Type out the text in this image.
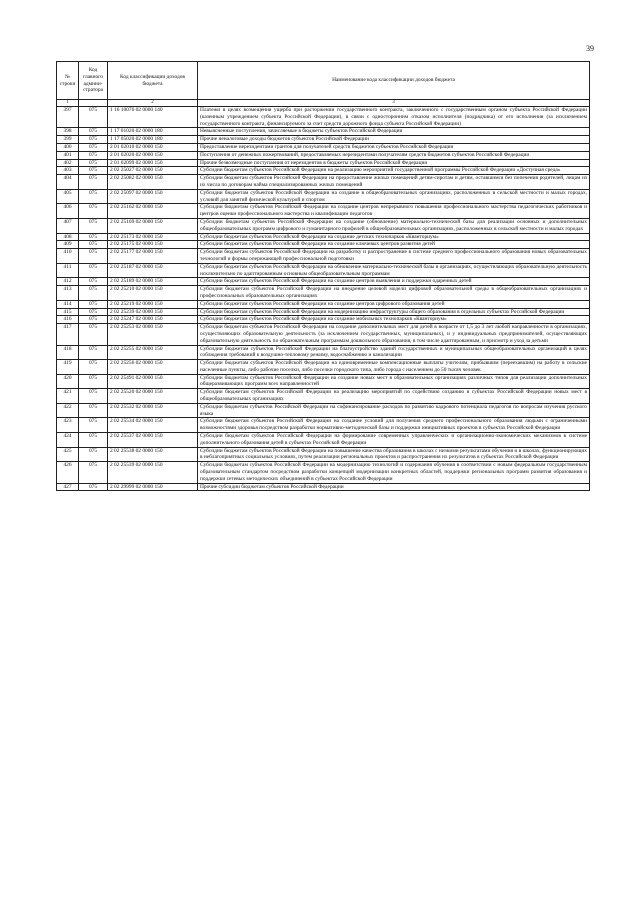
39
№ строки	Код главного админи-стратора	Код классификации доходов бюджета	Наименование кода классификации доходов бюджета
1		2	3
397	075	1 16 10076 02 0000 140	Платежи в целях возмещения ущерба при расторжении государственного контракта, заключенного с государственным органом субъекта Российской Федерации (казенным учреждением субъекта Российской Федерации), в связи с односторонним отказом исполнителя (подрядчика) от его исполнения (за исключением государственного контракта, финансируемого за счет средств дорожного фонда субъекта Российской Федерации)
398	075	1 17 01020 02 0000 180	Невыясненные поступления, зачисляемые в бюджеты субъектов Российской Федерации
399	075	1 17 05020 02 0000 180	Прочие неналоговые доходы бюджетов субъектов Российской Федерации
400	075	2 01 02010 02 0000 150	Предоставление нерезидентами грантов для получателей средств бюджетов субъектов Российской Федерации
401	075	2 01 02020 02 0000 150	Поступления от денежных пожертвований, предоставляемых нерезидентами получателям средств бюджетов субъектов Российской Федерации
402	075	2 01 02099 02 0000 150	Прочие безвозмездные поступления от нерезидентов в бюджеты субъектов Российской Федерации
403	075	2 02 25027 02 0000 150	Субсидии бюджетам субъектов Российской Федерации на реализацию мероприятий государственной программы Российской Федерации «Доступная среда»
404	075	2 02 25082 02 0000 150	Субсидии бюджетам субъектов Российской Федерации на предоставление жилых помещений детям-сиротам и детям, оставшимся без попечения родителей, лицам из их числа по договорам найма специализированных жилых помещений
405	075	2 02 25097 02 0000 150	Субсидии бюджетам субъектов Российской Федерации на создание в общеобразовательных организациях, расположенных в сельской местности и малых городах, условий для занятий физической культурой и спортом
406	075	2 02 25162 02 0000 150	Субсидии бюджетам субъектов Российской Федерации на создание центров непрерывного повышения профессионального мастерства педагогических работников и центров оценки профессионального мастерства и квалификации педагогов
407	075	2 02 25169 02 0000 150	Субсидии бюджетам субъектов Российской Федерации на создание (обновление) материально-технической базы для реализации основных и дополнительных общеобразовательных программ цифрового и гуманитарного профилей в общеобразовательных организациях, расположенных в сельской местности и малых городах
408	075	2 02 25173 02 0000 150	Субсидии бюджетам субъектов Российской Федерации на создание детских технопарков «Кванториум»
409	075	2 02 25175 02 0000 150	Субсидии бюджетам субъектов Российской Федерации на создание ключевых центров развития детей
410	075	2 02 25177 02 0000 150	Субсидии бюджетам субъектов Российской Федерации на разработку и распространение в системе среднего профессионального образования новых образовательных технологий и формы опережающей профессиональной подготовки
411	075	2 02 25187 02 0000 150	Субсидии бюджетам субъектов Российской Федерации на обновление материально-технической базы в организациях, осуществляющих образовательную деятельность исключительно по адаптированным основным общеобразовательным программам
412	075	2 02 25189 02 0000 150	Субсидии бюджетам субъектов Российской Федерации на создание центров выявления и поддержки одаренных детей
413	075	2 02 25210 02 0000 150	Субсидии бюджетам субъектов Российской Федерации на внедрение целевой модели цифровой образовательной среды в общеобразовательных организациях и профессиональных образовательных организациях
414	075	2 02 25219 02 0000 150	Субсидии бюджетам субъектов Российской Федерации на создание центров цифрового образования детей
415	075	2 02 25239 02 0000 150	Субсидии бюджетам субъектов Российской Федерации на модернизацию инфраструктуры общего образования в отдельных субъектах Российской Федерации
416	075	2 02 25247 02 0000 150	Субсидии бюджетам субъектов Российской Федерации на создание мобильных технопарков «Кванториум»
417	075	2 02 25253 02 0000 150	Субсидии бюджетам субъектов Российской Федерации на создание дополнительных мест для детей в возрасте от 1,5 до 3 лет любой направленности в организациях, осуществляющих образовательную деятельность (за исключением государственных, муниципальных), и у индивидуальных предпринимателей, осуществляющих образовательную деятельность по образовательным программам дошкольного образования, в том числе адаптированным, и присмотр и уход за детьми
418	075	2 02 25255 02 0000 150	Субсидии бюджетам субъектов Российской Федерации на благоустройство зданий государственных и муниципальных общеобразовательных организаций в целях соблюдения требований к воздушно-тепловому режиму, водоснабжению и канализации
419	075	2 02 25256 02 0000 150	Субсидии бюджетам субъектов Российской Федерации на единовременные компенсационные выплаты учителям, прибывшим (переехавшим) на работу в сельские населенные пункты, либо рабочие поселки, либо поселки городского типа, либо города с населением до 50 тысяч человек
420	075	2 02 25491 02 0000 150	Субсидии бюджетам субъектов Российской Федерации на создание новых мест в образовательных организациях различных типов для реализации дополнительных общеразвивающих программ всех направленностей
421	075	2 02 25520 02 0000 150	Субсидии бюджетам субъектов Российской Федерации на реализацию мероприятий по содействию созданию в субъектах Российской Федерации новых мест в общеобразовательных организациях
422	075	2 02 25532 02 0000 150	Субсидии бюджетам субъектов Российской Федерации на софинансирование расходов по развитию кадрового потенциала педагогов по вопросам изучения русского языка
423	075	2 02 25534 02 0000 150	Субсидии бюджетам субъектов Российской Федерации на создание условий для получения среднего профессионального образования людьми с ограниченными возможностями здоровья посредством разработки нормативно-методической базы и поддержки инициативных проектов в субъектах Российской Федерации
424	075	2 02 25537 02 0000 150	Субсидии бюджетам субъектов Российской Федерации на формирование современных управленческих и организационно-экономических механизмов в системе дополнительного образования детей в субъектах Российской Федерации
425	075	2 02 25538 02 0000 150	Субсидии бюджетам субъектов Российской Федерации на повышение качества образования в школах с низкими результатами обучения и в школах, функционирующих в неблагоприятных социальных условиях, путем реализации региональных проектов и распространения их результатов в субъектах Российской Федерации
426	075	2 02 25539 02 0000 150	Субсидии бюджетам субъектов Российской Федерации на модернизацию технологий и содержания обучения в соответствии с новым федеральным государственным образовательным стандартом посредством разработки концепций модернизации конкретных областей, поддержки региональных программ развития образования и поддержки сетевых методических объединений в субъектах Российской Федерации
427	075	2 02 29999 02 0000 150	Прочие субсидии бюджетам субъектов Российской Федерации
